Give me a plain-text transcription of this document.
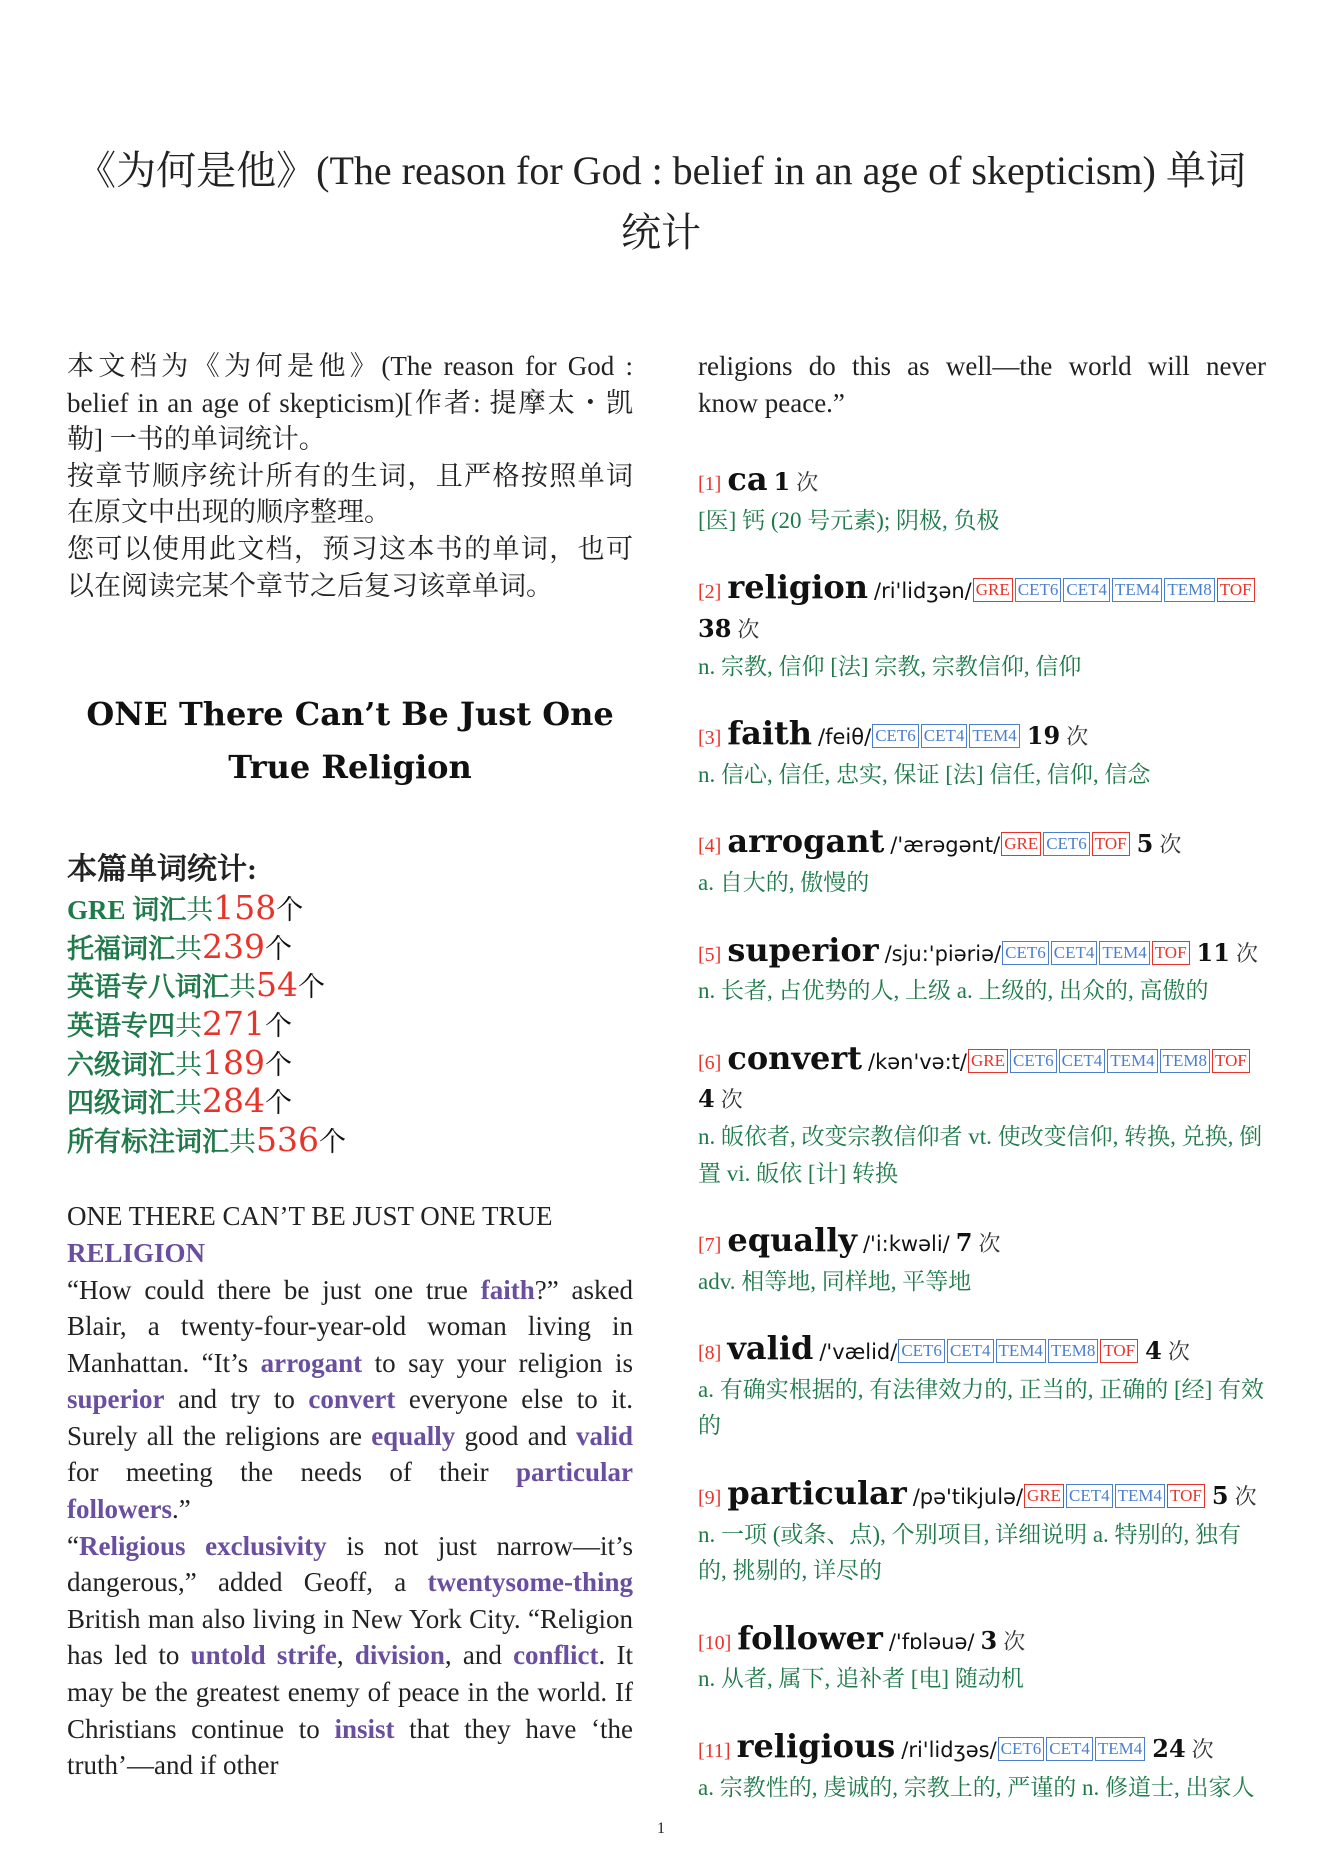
《为何是他》(The reason for God : belief in an age of skepticism) 单词统计

本文档为《为何是他》(The reason for God : belief in an age of skepticism)[作者: 提摩太・凯勒] 一书的单词统计。

按章节顺序统计所有的生词，且严格按照单词在原文中出现的顺序整理。

您可以使用此文档，预习这本书的单词，也可以在阅读完某个章节之后复习该章单词。

ONE There Can’t Be Just One True Religion
本篇单词统计:
GRE 词汇共158个
托福词汇共239个
英语专八词汇共54个
英语专四共271个
六级词汇共189个
四级词汇共284个
所有标注词汇共536个
ONE THERE CAN’T BE JUST ONE TRUE RELIGION
“How could there be just one true faith?” asked Blair, a twenty-four-year-old woman living in Manhattan. “It’s arrogant to say your religion is superior and try to convert everyone else to it. Surely all the religions are equally good and valid for meeting the needs of their particular followers.”
“Religious exclusivity is not just narrow—it’s dangerous,” added Geoff, a twentysome-thing British man also living in New York City. “Religion has led to untold strife, division, and conflict. It may be the greatest enemy of peace in the world. If Christians continue to insist that they have ‘the truth’—and if other

religions do this as well—the world will never know peace.”

[1] ca 1 次
[医] 钙 (20 号元素); 阴极, 负极
[2] religion /ri'lidʒən/ GRE CET6 CET4 TEM4 TEM8 TOF 38 次
n. 宗教, 信仰 [法] 宗教, 宗教信仰, 信仰
[3] faith /feiθ/ CET6 CET4 TEM4 19 次
n. 信心, 信任, 忠实, 保证 [法] 信任, 信仰, 信念
[4] arrogant /'ærəgənt/ GRE CET6 TOF 5 次
a. 自大的, 傲慢的
[5] superior /sju:'piəriə/ CET6 CET4 TEM4 TOF 11 次
n. 长者, 占优势的人, 上级 a. 上级的, 出众的, 高傲的
[6] convert /kən'və:t/ GRE CET6 CET4 TEM4 TEM8 TOF 4 次
n. 皈依者, 改变宗教信仰者 vt. 使改变信仰, 转换, 兑换, 倒置 vi. 皈依 [计] 转换
[7] equally /'i:kwəli/ 7 次
adv. 相等地, 同样地, 平等地
[8] valid /'vælid/ CET6 CET4 TEM4 TEM8 TOF 4 次
a. 有确实根据的, 有法律效力的, 正当的, 正确的 [经] 有效的
[9] particular /pə'tikjulə/ GRE CET4 TEM4 TOF 5 次
n. 一项 (或条、点), 个别项目, 详细说明 a. 特别的, 独有的, 挑剔的, 详尽的
[10] follower /'fɒləuə/ 3 次
n. 从者, 属下, 追补者 [电] 随动机
[11] religious /ri'lidʒəs/ CET6 CET4 TEM4 24 次
a. 宗教性的, 虔诚的, 宗教上的, 严谨的 n. 修道士, 出家人
1
